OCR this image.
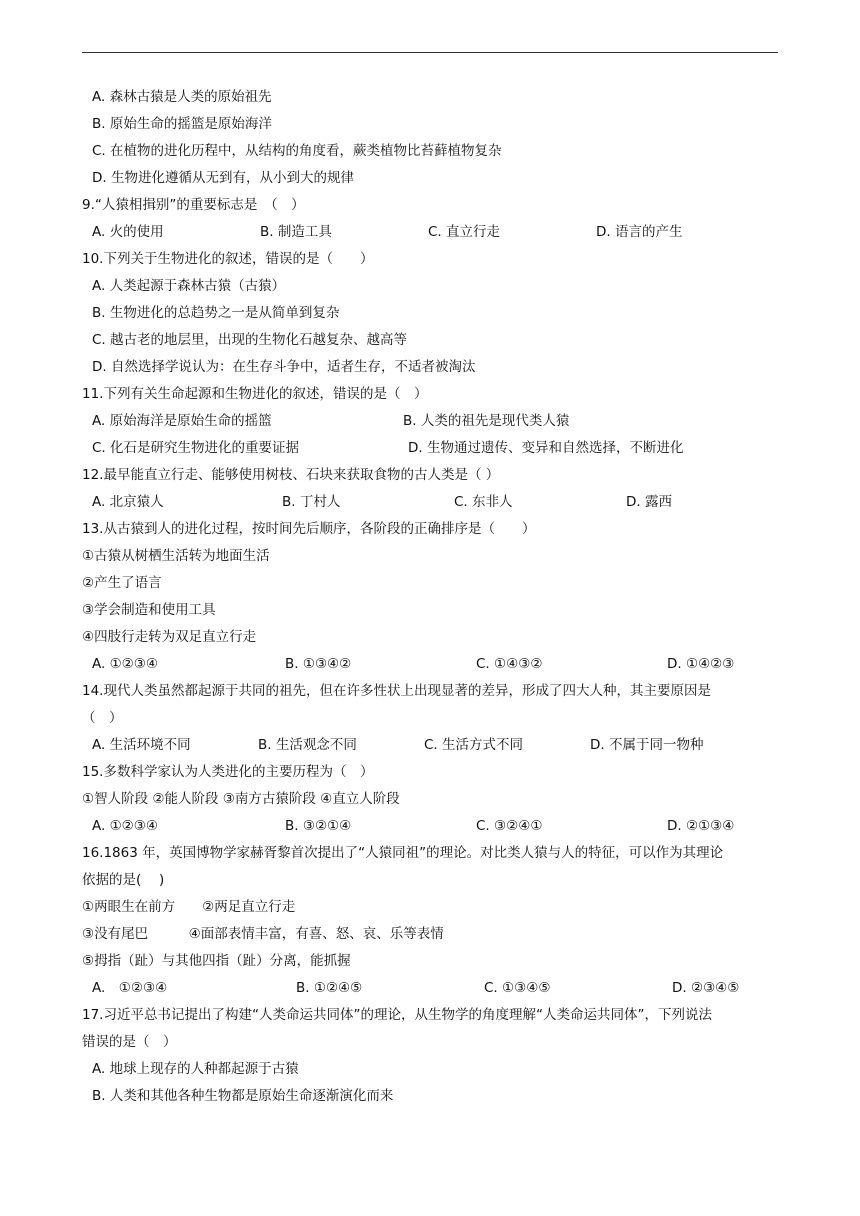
A. 森林古猿是人类的原始祖先
B. 原始生命的摇篮是原始海洋
C. 在植物的进化历程中，从结构的角度看，蕨类植物比苔藓植物复杂
D. 生物进化遵循从无到有，从小到大的规律
9.“人猿相揖别”的重要标志是　（　）
A. 火的使用	B. 制造工具	C. 直立行走	D. 语言的产生
10.下列关于生物进化的叙述，错误的是（　　）
A. 人类起源于森林古猿（古猿）
B. 生物进化的总趋势之一是从简单到复杂
C. 越古老的地层里，出现的生物化石越复杂、越高等
D. 自然选择学说认为：在生存斗争中，适者生存，不适者被淘汰
11.下列有关生命起源和生物进化的叙述，错误的是（　）
A. 原始海洋是原始生命的摇篮	B. 人类的祖先是现代类人猿
C. 化石是研究生物进化的重要证据	D. 生物通过遗传、变异和自然选择，不断进化
12.最早能直立行走、能够使用树枝、石块来获取食物的古人类是（ ）
A. 北京猿人	B. 丁村人	C. 东非人	D. 露西
13.从古猿到人的进化过程，按时间先后顺序，各阶段的正确排序是（　　）
①古猿从树栖生活转为地面生活
②产生了语言
③学会制造和使用工具
④四肢行走转为双足直立行走
A. ①②③④	B. ①③④②	C. ①④③②	D. ①④②③
14.现代人类虽然都起源于共同的祖先，但在许多性状上出现显著的差异，形成了四大人种，其主要原因是
（　）
A. 生活环境不同	B. 生活观念不同	C. 生活方式不同	D. 不属于同一物种
15.多数科学家认为人类进化的主要历程为（　）
①智人阶段 ②能人阶段 ③南方古猿阶段 ④直立人阶段
A. ①②③④	B. ③②①④	C. ③②④①	D. ②①③④
16.1863 年，英国博物学家赫胥黎首次提出了“人猿同祖”的理论。对比类人猿与人的特征，可以作为其理论
依据的是(　 )
①两眼生在前方　　②两足直立行走
③没有尾巴　　　④面部表情丰富，有喜、怒、哀、乐等表情
⑤拇指（趾）与其他四指（趾）分离，能抓握
A.　①②③④	B. ①②④⑤	C. ①③④⑤	D. ②③④⑤
17.习近平总书记提出了构建“人类命运共同体”的理论，从生物学的角度理解“人类命运共同体”，下列说法
错误的是（　）
A. 地球上现存的人种都起源于古猿
B. 人类和其他各种生物都是原始生命逐渐演化而来
